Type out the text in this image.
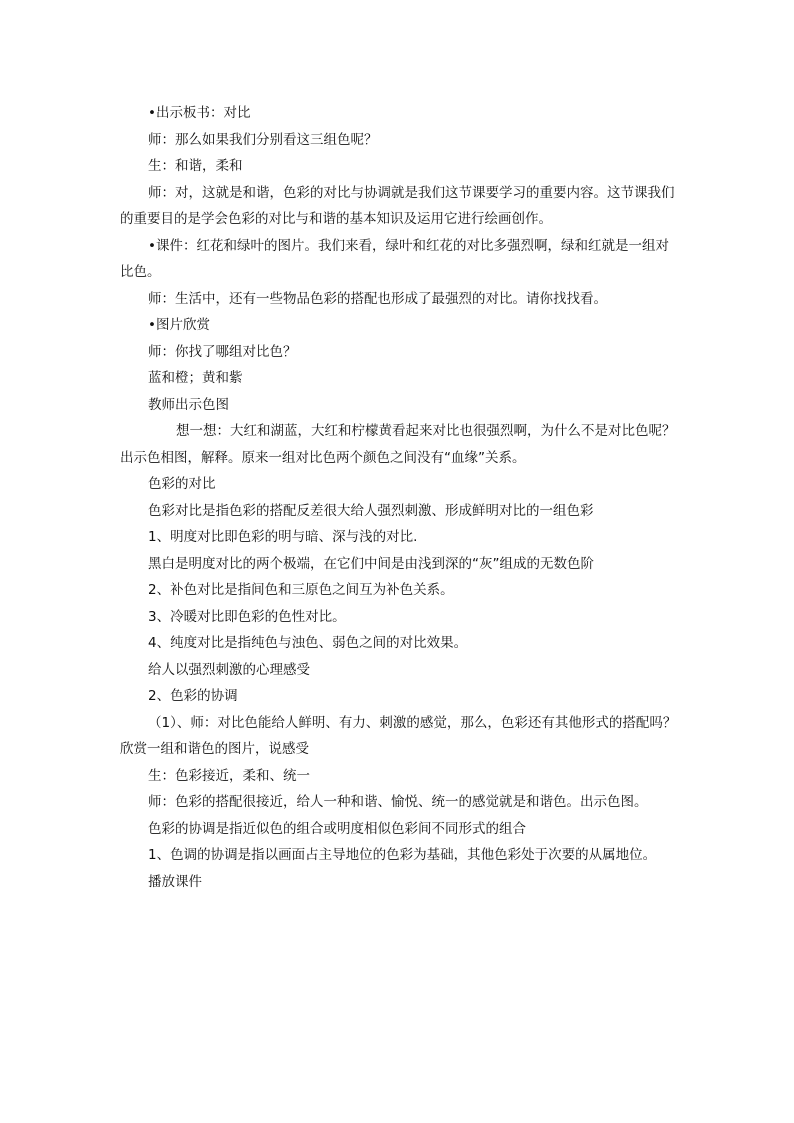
•出示板书：对比

师：那么如果我们分别看这三组色呢？

生：和谐，柔和

师：对，这就是和谐，色彩的对比与协调就是我们这节课要学习的重要内容。这节课我们的重要目的是学会色彩的对比与和谐的基本知识及运用它进行绘画创作。

•课件：红花和绿叶的图片。我们来看，绿叶和红花的对比多强烈啊，绿和红就是一组对比色。

师：生活中，还有一些物品色彩的搭配也形成了最强烈的对比。请你找找看。

•图片欣赏

师：你找了哪组对比色？

蓝和橙；黄和紫

教师出示色图

想一想：大红和湖蓝，大红和柠檬黄看起来对比也很强烈啊，为什么不是对比色呢？出示色相图，解释。原来一组对比色两个颜色之间没有“血缘”关系。

色彩的对比

色彩对比是指色彩的搭配反差很大给人强烈刺激、形成鲜明对比的一组色彩

1、明度对比即色彩的明与暗、深与浅的对比.

黑白是明度对比的两个极端，在它们中间是由浅到深的“灰”组成的无数色阶

2、补色对比是指间色和三原色之间互为补色关系。

3、冷暖对比即色彩的色性对比。

4、纯度对比是指纯色与浊色、弱色之间的对比效果。

给人以强烈刺激的心理感受

2、色彩的协调

（1）、师：对比色能给人鲜明、有力、刺激的感觉，那么，色彩还有其他形式的搭配吗？欣赏一组和谐色的图片，说感受

生：色彩接近，柔和、统一

师：色彩的搭配很接近，给人一种和谐、愉悦、统一的感觉就是和谐色。出示色图。

色彩的协调是指近似色的组合或明度相似色彩间不同形式的组合

1、色调的协调是指以画面占主导地位的色彩为基础，其他色彩处于次要的从属地位。

播放课件
